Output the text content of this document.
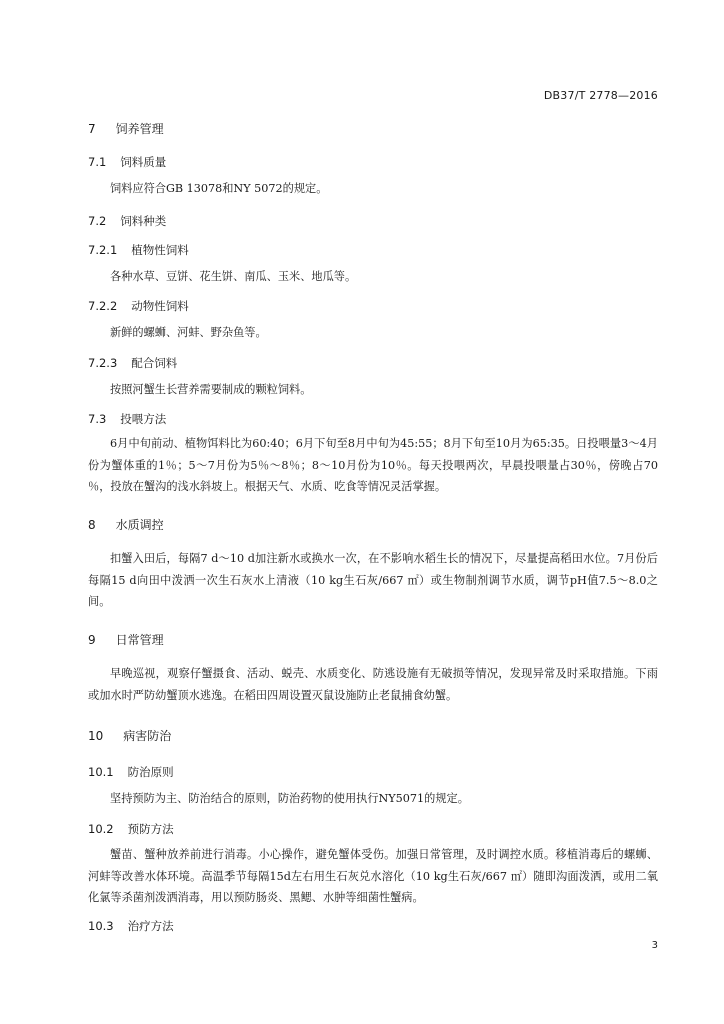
DB37/T 2778—2016
7 饲养管理
7.1 饲料质量
饲料应符合GB 13078和NY 5072的规定。
7.2 饲料种类
7.2.1 植物性饲料
各种水草、豆饼、花生饼、南瓜、玉米、地瓜等。
7.2.2 动物性饲料
新鲜的螺蛳、河蚌、野杂鱼等。
7.2.3 配合饲料
按照河蟹生长营养需要制成的颗粒饲料。
7.3 投喂方法
6月中旬前动、植物饵料比为60:40；6月下旬至8月中旬为45:55；8月下旬至10月为65:35。日投喂量3～4月份为蟹体重的1％；5～7月份为5％～8％；8～10月份为10％。每天投喂两次，早晨投喂量占30％，傍晚占70 ％，投放在蟹沟的浅水斜坡上。根据天气、水质、吃食等情况灵活掌握。
8 水质调控
扣蟹入田后，每隔7 d～10 d加注新水或换水一次，在不影响水稻生长的情况下，尽量提高稻田水位。7月份后每隔15 d向田中泼洒一次生石灰水上清液（10 kg生石灰/667 ㎡）或生物制剂调节水质，调节pH值7.5～8.0之间。
9 日常管理
早晚巡视，观察仔蟹摄食、活动、蜕壳、水质变化、防逃设施有无破损等情况，发现异常及时采取措施。下雨或加水时严防幼蟹顶水逃逸。在稻田四周设置灭鼠设施防止老鼠捕食幼蟹。
10 病害防治
10.1 防治原则
坚持预防为主、防治结合的原则，防治药物的使用执行NY5071的规定。
10.2 预防方法
蟹苗、蟹种放养前进行消毒。小心操作，避免蟹体受伤。加强日常管理，及时调控水质。移植消毒后的螺蛳、河蚌等改善水体环境。高温季节每隔15d左右用生石灰兑水溶化（10 kg生石灰/667 ㎡）随即沟面泼洒，或用二氧化氯等杀菌剂泼洒消毒，用以预防肠炎、黑鳃、水肿等细菌性蟹病。
10.3 治疗方法
3
